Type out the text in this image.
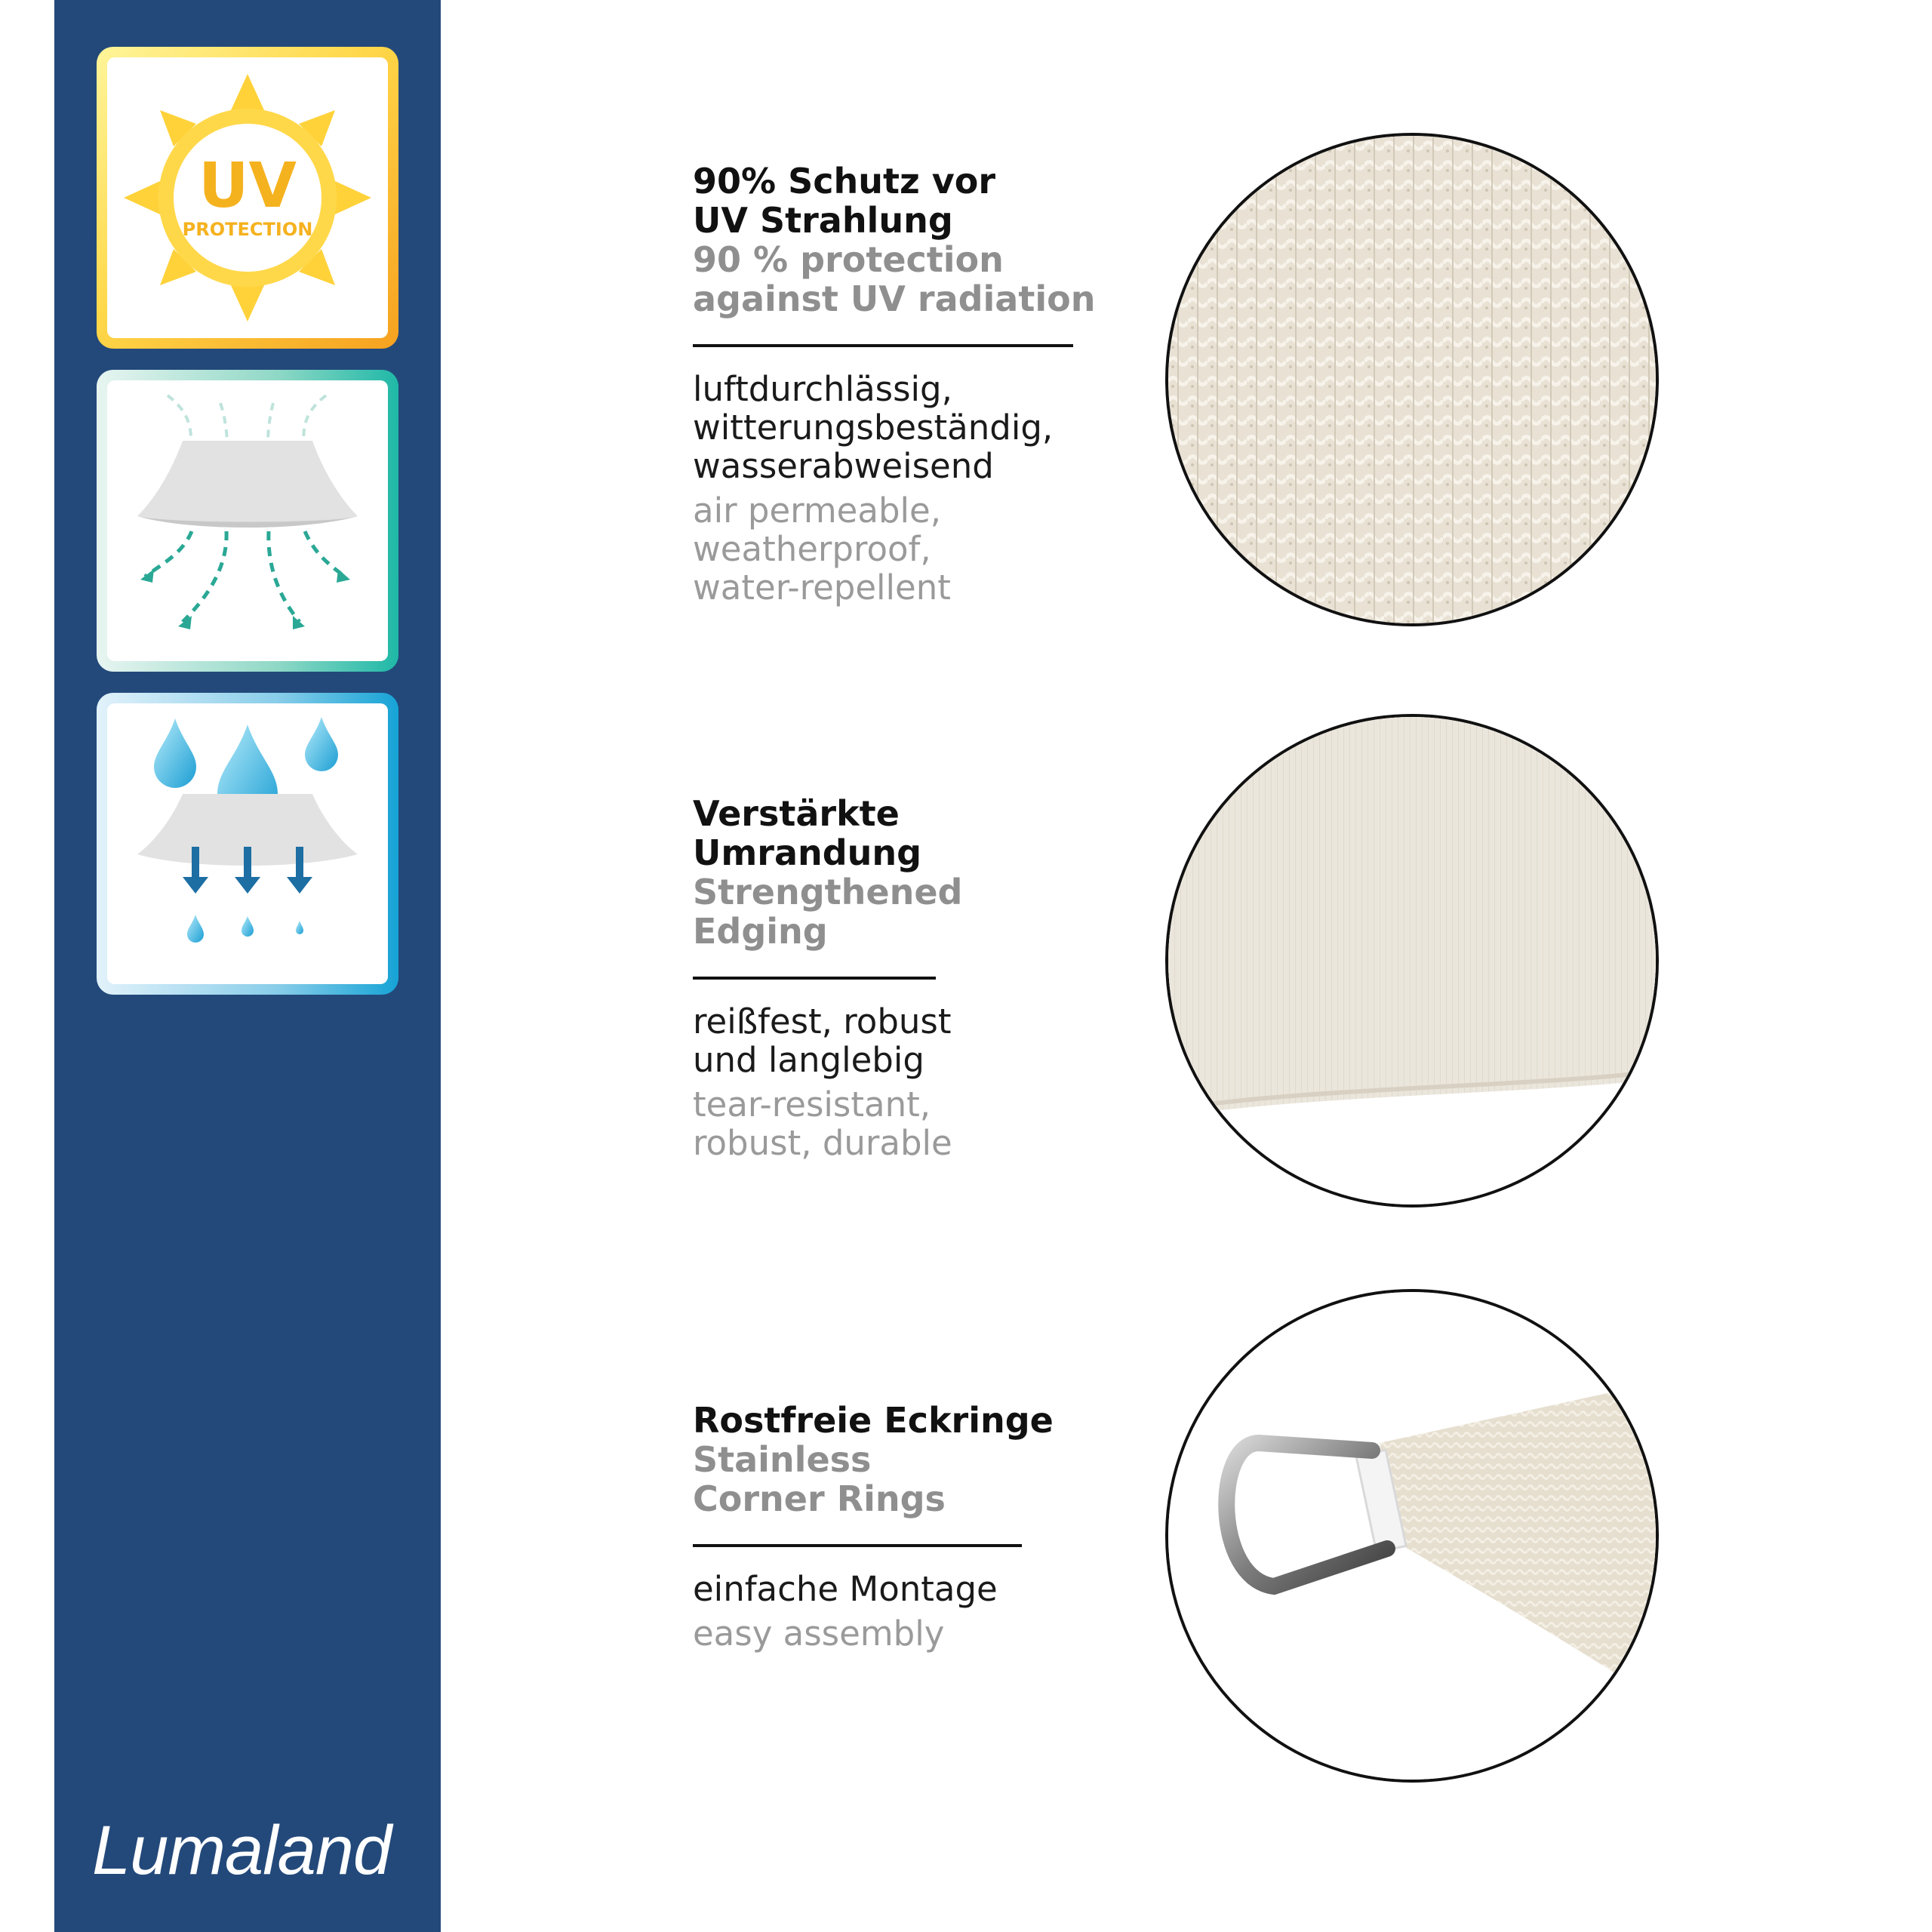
UV
PROTECTION
Lumaland
90% Schutz vor
UV Strahlung
90 % protection
against UV radiation
luftdurchlässig,
witterungsbeständig,
wasserabweisend
air permeable,
weatherproof,
water-repellent
Verstärkte
Umrandung
Strengthened
Edging
reißfest, robust
und langlebig
tear-resistant,
robust, durable
Rostfreie Eckringe
Stainless
Corner Rings
einfache Montage
easy assembly
